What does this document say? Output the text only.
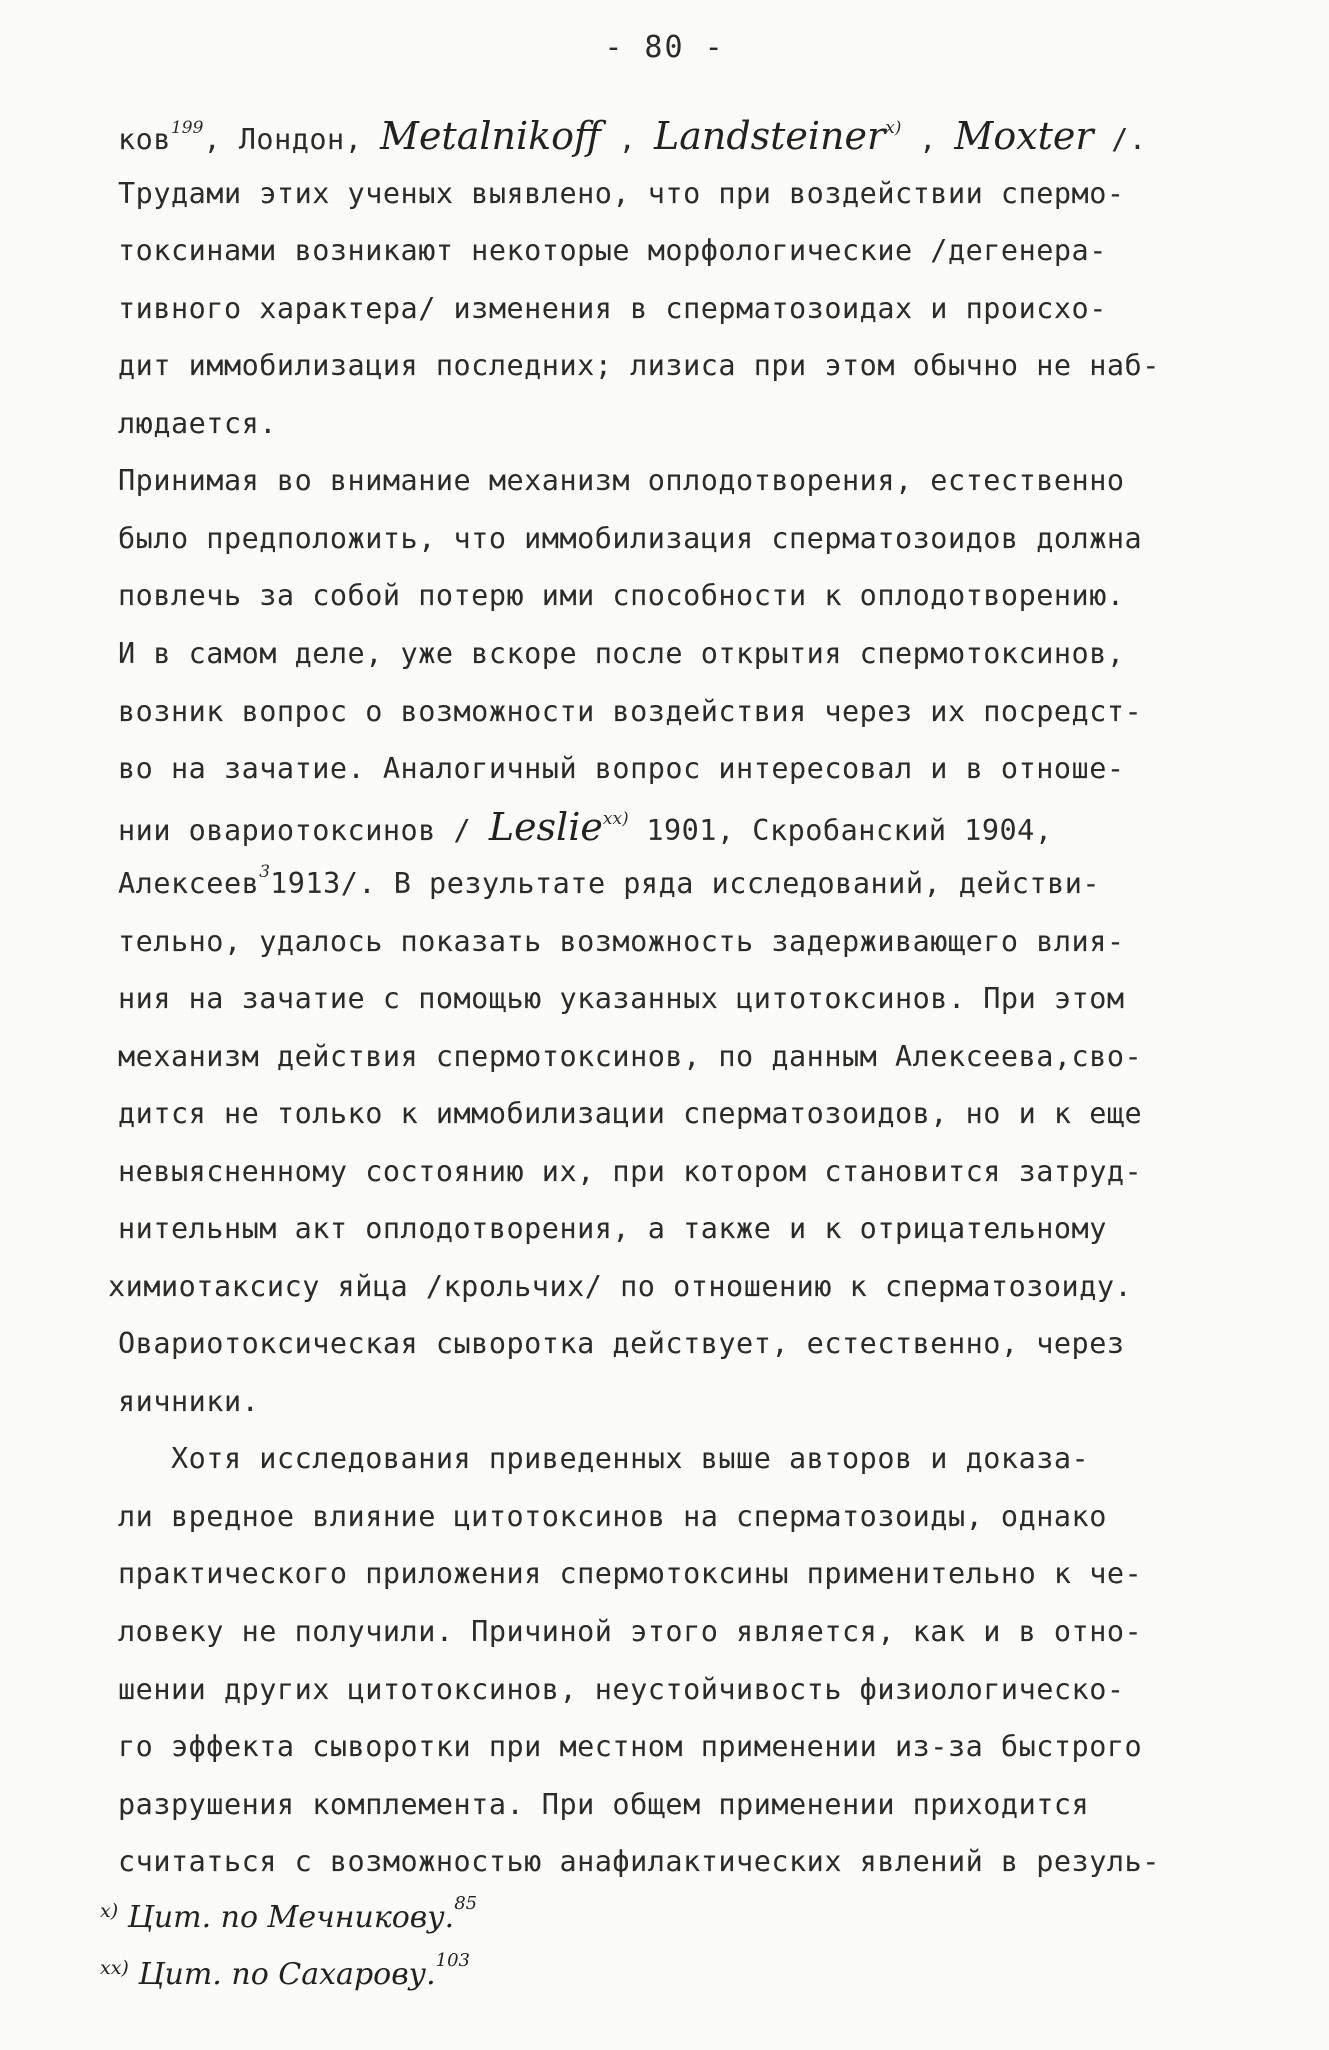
- 80 -
ков$^{199}$, Лондон, Metalnikoff , Landsteiner$^{x)}$ , Moxter /.
Трудами этих ученых выявлено, что при воздействии спермо-
токсинами возникают некоторые морфологические /дегенера-
тивного характера/ изменения в сперматозоидах и происхо-
дит иммобилизация последних; лизиса при этом обычно не наб-
людается.
Принимая во внимание механизм оплодотворения, естественно
было предположить, что иммобилизация сперматозоидов должна
повлечь за собой потерю ими способности к оплодотворению.
И в самом деле, уже вскоре после открытия спермотоксинов,
возник вопрос о возможности воздействия через их посредст-
во на зачатие. Аналогичный вопрос интересовал и в отноше-
нии овариотоксинов / Leslie$^{xx)}$ 1901, Скробанский 1904,
Алексеев$^3$1913/. В результате ряда исследований, действи-
тельно, удалось показать возможность задерживающего влия-
ния на зачатие с помощью указанных цитотоксинов. При этом
механизм действия спермотоксинов, по данным Алексеева,сво-
дится не только к иммобилизации сперматозоидов, но и к еще
невыясненному состоянию их, при котором становится затруд-
нительным акт оплодотворения, а также и к отрицательному
химиотаксису яйца /крольчих/ по отношению к сперматозоиду.
Овариотоксическая сыворотка действует, естественно, через
яичники.
Хотя исследования приведенных выше авторов и доказа-
ли вредное влияние цитотоксинов на сперматозоиды, однако
практического приложения спермотоксины применительно к че-
ловеку не получили. Причиной этого является, как и в отно-
шении других цитотоксинов, неустойчивость физиологическо-
го эффекта сыворотки при местном применении из-за быстрого
разрушения комплемента. При общем применении приходится
считаться с возможностью анафилактических явлений в резуль-
$^{x)}$ Цит. по Мечникову.$^{85}$
$^{xx)}$ Цит. по Сахарову.$^{103}$
